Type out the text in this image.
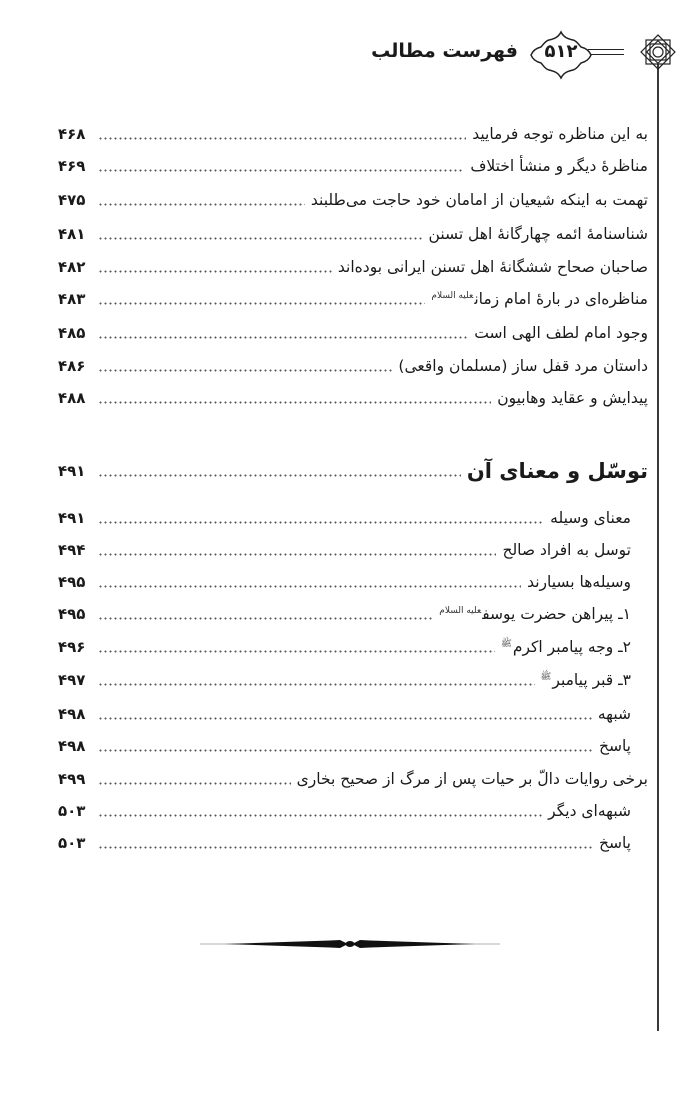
۵۱۲
فهرست مطالب
به این مناظره توجه فرمایید
۴۶۸
مناظرهٔ دیگر و منشأ اختلاف
۴۶۹
تهمت به اینکه شیعیان از امامان خود حاجت می‌طلبند
۴۷۵
شناسنامهٔ ائمه چهارگانهٔ اهل تسنن
۴۸۱
صاحبان صحاح ششگانهٔ اهل تسنن ایرانی بوده‌اند
۴۸۲
مناظره‌ای در بارهٔ امام زمان$^{عليه السلام}$
۴۸۳
وجود امام لطف الهی است
۴۸۵
داستان مرد قفل ساز (مسلمان واقعی)
۴۸۶
پیدایش و عقاید وهابیون
۴۸۸
توسّل و معنای آن
۴۹۱
معنای وسیله
۴۹۱
توسل به افراد صالح
۴۹۴
وسیله‌ها بسیارند
۴۹۵
۱ـ پیراهن حضرت یوسف$^{عليه السلام}$
۴۹۵
۲ـ وجه پیامبر اکرم$^ﷺ$
۴۹۶
۳ـ قبر پیامبر$^ﷺ$
۴۹۷
شبهه
۴۹۸
پاسخ
۴۹۸
برخی روایات دالّ بر حیات پس از مرگ از صحیح بخاری
۴۹۹
شبهه‌ای دیگر
۵۰۳
پاسخ
۵۰۳
